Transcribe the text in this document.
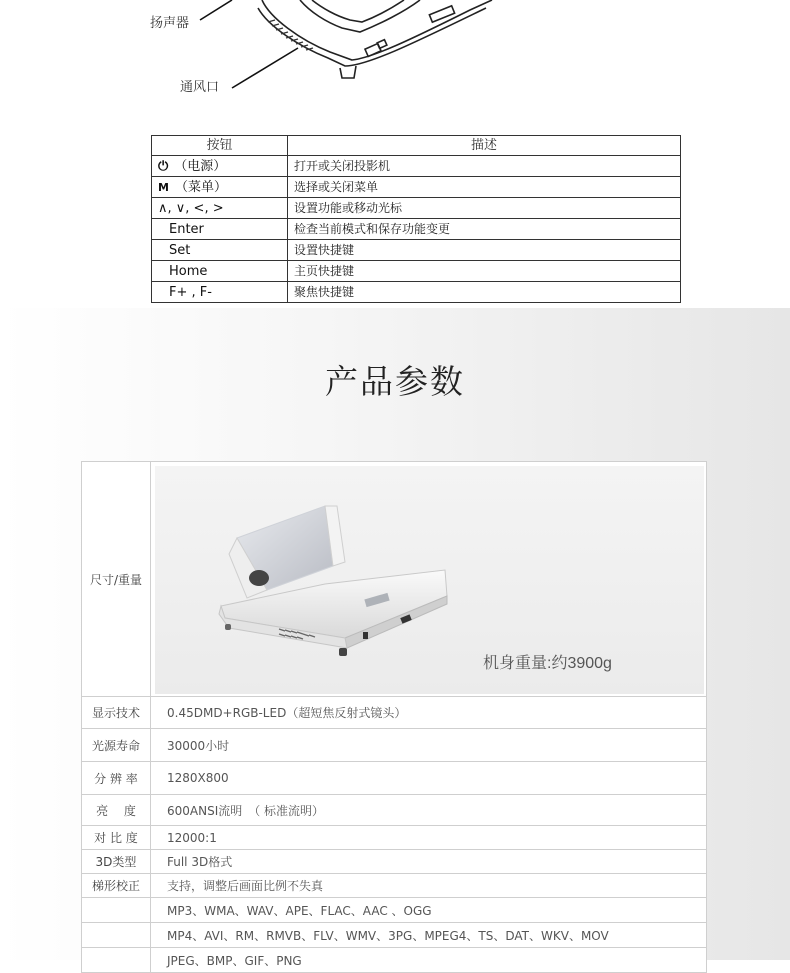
扬声器
通风口
按钮	描述
⏻ （电源）	打开或关闭投影机
M （菜单）	选择或关闭菜单
∧, ∨, <, >	设置功能或移动光标
Enter	检查当前模式和保存功能变更
Set	设置快捷键
Home	主页快捷键
F+ , F-	聚焦快捷键
产品参数
尺寸/重量	机身重量:约3900g

显示技术	0.45DMD+RGB-LED（超短焦反射式镜头）
光源寿命	30000小时
分 辨 率	1280X800
亮　 度	600ANSI流明　（ 标准流明）
对 比 度	12000:1
3D类型	Full 3D格式
梯形校正	支持，调整后画面比例不失真
	MP3、WMA、WAV、APE、FLAC、AAC 、OGG
	MP4、AVI、RM、RMVB、FLV、WMV、3PG、MPEG4、TS、DAT、WKV、MOV
	JPEG、BMP、GIF、PNG
